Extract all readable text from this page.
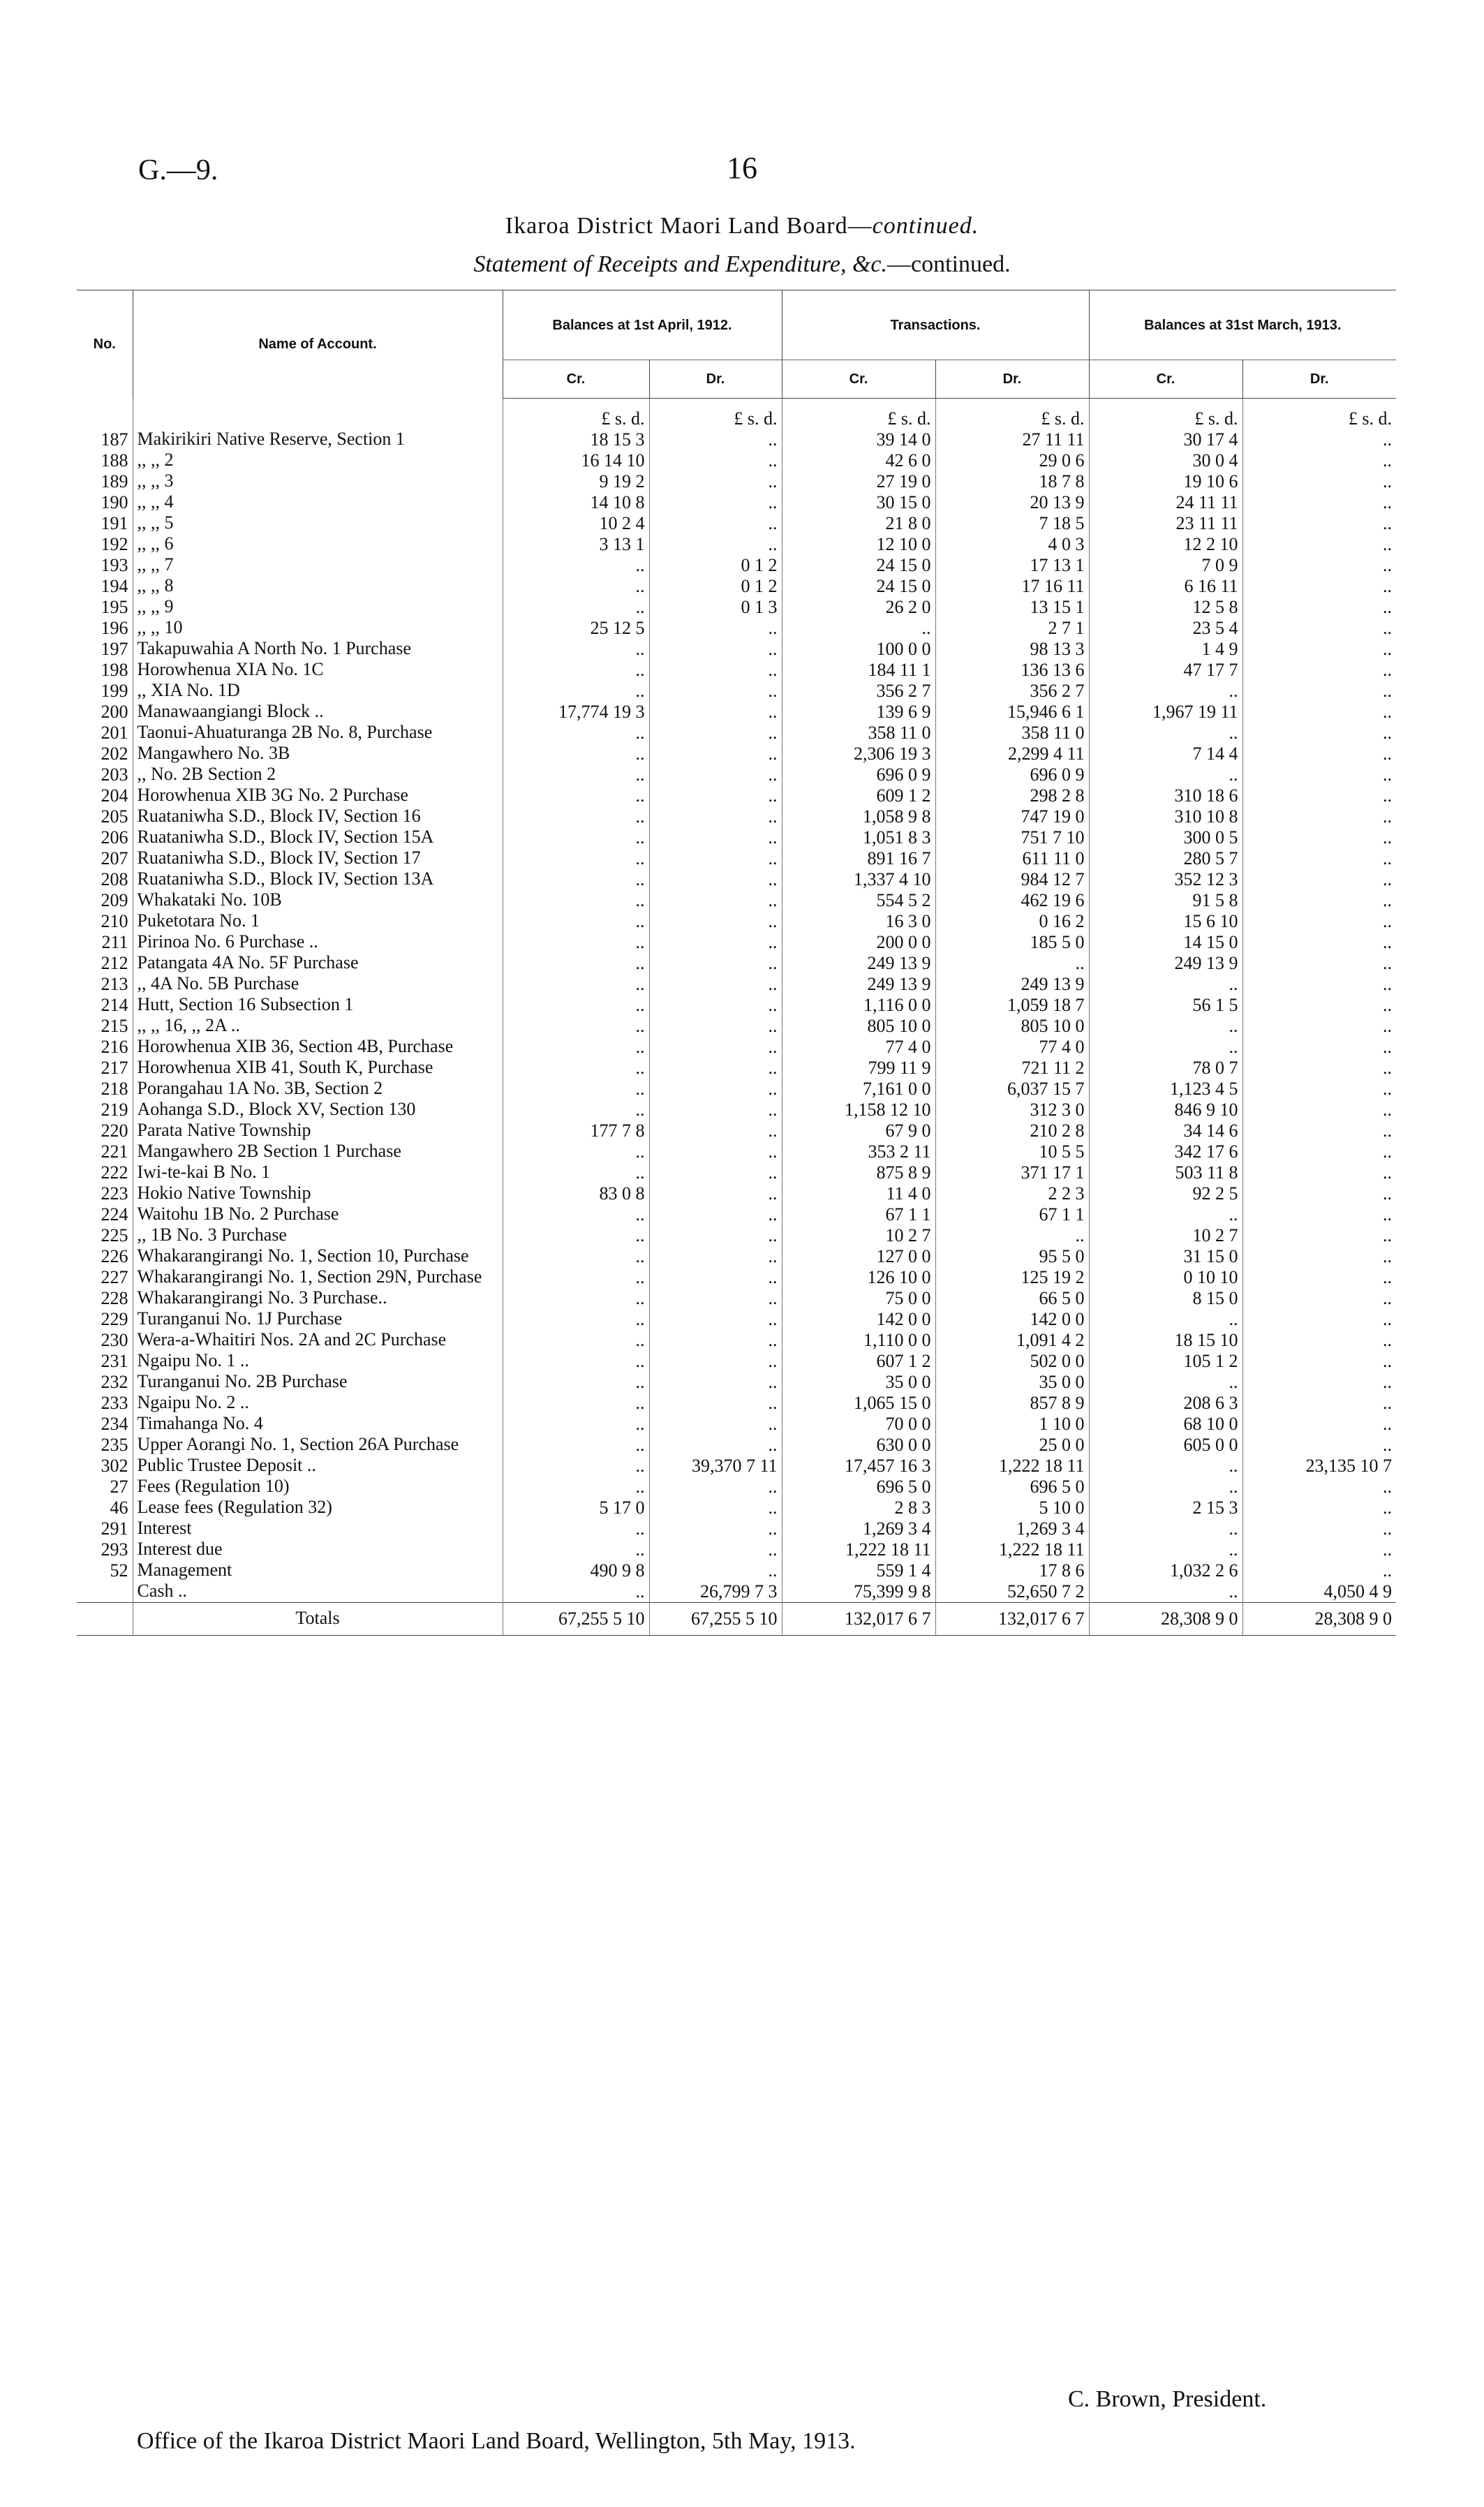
G.—9.	16
Ikaroa District Maori Land Board—continued.
Statement of Receipts and Expenditure, &c.—continued.
No.	Name of Account.	Balances at 1st April, 1912.		Transactions.		Balances at 31st March, 1913.	
		Cr.	Dr.	Cr.	Dr.	Cr.	Dr.
		£ s. d.	£ s. d.	£ s. d.	£ s. d.	£ s. d.	£ s. d.
187	Makirikiri Native Reserve, Section 1	18 15 3	..	39 14 0	27 11 11	30 17 4	..
188	,, ,, 2	16 14 10	..	42 6 0	29 0 6	30 0 4	..
189	,, ,, 3	9 19 2	..	27 19 0	18 7 8	19 10 6	..
190	,, ,, 4	14 10 8	..	30 15 0	20 13 9	24 11 11	..
191	,, ,, 5	10 2 4	..	21 8 0	7 18 5	23 11 11	..
192	,, ,, 6	3 13 1	..	12 10 0	4 0 3	12 2 10	..
193	,, ,, 7	..	0 1 2	24 15 0	17 13 1	7 0 9	..
194	,, ,, 8	..	0 1 2	24 15 0	17 16 11	6 16 11	..
195	,, ,, 9	..	0 1 3	26 2 0	13 15 1	12 5 8	..
196	,, ,, 10	25 12 5	..	..	2 7 1	23 5 4	..
197	Takapuwahia A North No. 1 Purchase	..	..	100 0 0	98 13 3	1 4 9	..
198	Horowhenua XIA No. 1C	..	..	184 11 1	136 13 6	47 17 7	..
199	,, XIA No. 1D	..	..	356 2 7	356 2 7	..	..
200	Manawaangiangi Block ..	17,774 19 3	..	139 6 9	15,946 6 1	1,967 19 11	..
201	Taonui-Ahuaturanga 2B No. 8, Purchase	..	..	358 11 0	358 11 0	..	..
202	Mangawhero No. 3B	..	..	2,306 19 3	2,299 4 11	7 14 4	..
203	,, No. 2B Section 2	..	..	696 0 9	696 0 9	..	..
204	Horowhenua XIB 3G No. 2 Purchase	..	..	609 1 2	298 2 8	310 18 6	..
205	Ruataniwha S.D., Block IV, Section 16	..	..	1,058 9 8	747 19 0	310 10 8	..
206	Ruataniwha S.D., Block IV, Section 15A	..	..	1,051 8 3	751 7 10	300 0 5	..
207	Ruataniwha S.D., Block IV, Section 17	..	..	891 16 7	611 11 0	280 5 7	..
208	Ruataniwha S.D., Block IV, Section 13A	..	..	1,337 4 10	984 12 7	352 12 3	..
209	Whakataki No. 10B	..	..	554 5 2	462 19 6	91 5 8	..
210	Puketotara No. 1	..	..	16 3 0	0 16 2	15 6 10	..
211	Pirinoa No. 6 Purchase ..	..	..	200 0 0	185 5 0	14 15 0	..
212	Patangata 4A No. 5F Purchase	..	..	249 13 9	..	249 13 9	..
213	,, 4A No. 5B Purchase	..	..	249 13 9	249 13 9	..	..
214	Hutt, Section 16 Subsection 1	..	..	1,116 0 0	1,059 18 7	56 1 5	..
215	,, ,, 16, ,, 2A ..	..	..	805 10 0	805 10 0	..	..
216	Horowhenua XIB 36, Section 4B, Purchase	..	..	77 4 0	77 4 0	..	..
217	Horowhenua XIB 41, South K, Purchase	..	..	799 11 9	721 11 2	78 0 7	..
218	Porangahau 1A No. 3B, Section 2	..	..	7,161 0 0	6,037 15 7	1,123 4 5	..
219	Aohanga S.D., Block XV, Section 130	..	..	1,158 12 10	312 3 0	846 9 10	..
220	Parata Native Township	177 7 8	..	67 9 0	210 2 8	34 14 6	..
221	Mangawhero 2B Section 1 Purchase	..	..	353 2 11	10 5 5	342 17 6	..
222	Iwi-te-kai B No. 1	..	..	875 8 9	371 17 1	503 11 8	..
223	Hokio Native Township	83 0 8	..	11 4 0	2 2 3	92 2 5	..
224	Waitohu 1B No. 2 Purchase	..	..	67 1 1	67 1 1	..	..
225	,, 1B No. 3 Purchase	..	..	10 2 7	..	10 2 7	..
226	Whakarangirangi No. 1, Section 10, Purchase	..	..	127 0 0	95 5 0	31 15 0	..
227	Whakarangirangi No. 1, Section 29N, Purchase	..	..	126 10 0	125 19 2	0 10 10	..
228	Whakarangirangi No. 3 Purchase..	..	..	75 0 0	66 5 0	8 15 0	..
229	Turanganui No. 1J Purchase	..	..	142 0 0	142 0 0	..	..
230	Wera-a-Whaitiri Nos. 2A and 2C Purchase	..	..	1,110 0 0	1,091 4 2	18 15 10	..
231	Ngaipu No. 1 ..	..	..	607 1 2	502 0 0	105 1 2	..
232	Turanganui No. 2B Purchase	..	..	35 0 0	35 0 0	..	..
233	Ngaipu No. 2 ..	..	..	1,065 15 0	857 8 9	208 6 3	..
234	Timahanga No. 4	..	..	70 0 0	1 10 0	68 10 0	..
235	Upper Aorangi No. 1, Section 26A Purchase	..	..	630 0 0	25 0 0	605 0 0	..
302	Public Trustee Deposit ..	..	39,370 7 11	17,457 16 3	1,222 18 11	..	23,135 10 7
27	Fees (Regulation 10)	..	..	696 5 0	696 5 0	..	..
46	Lease fees (Regulation 32)	5 17 0	..	2 8 3	5 10 0	2 15 3	..
291	Interest	..	..	1,269 3 4	1,269 3 4	..	..
293	Interest due	..	..	1,222 18 11	1,222 18 11	..	..
52	Management	490 9 8	..	559 1 4	17 8 6	1,032 2 6	..
	Cash ..	..	26,799 7 3	75,399 9 8	52,650 7 2	..	4,050 4 9
	Totals	67,255 5 10	67,255 5 10	132,017 6 7	132,017 6 7	28,308 9 0	28,308 9 0
C. Brown, President.
Office of the Ikaroa District Maori Land Board, Wellington, 5th May, 1913.
